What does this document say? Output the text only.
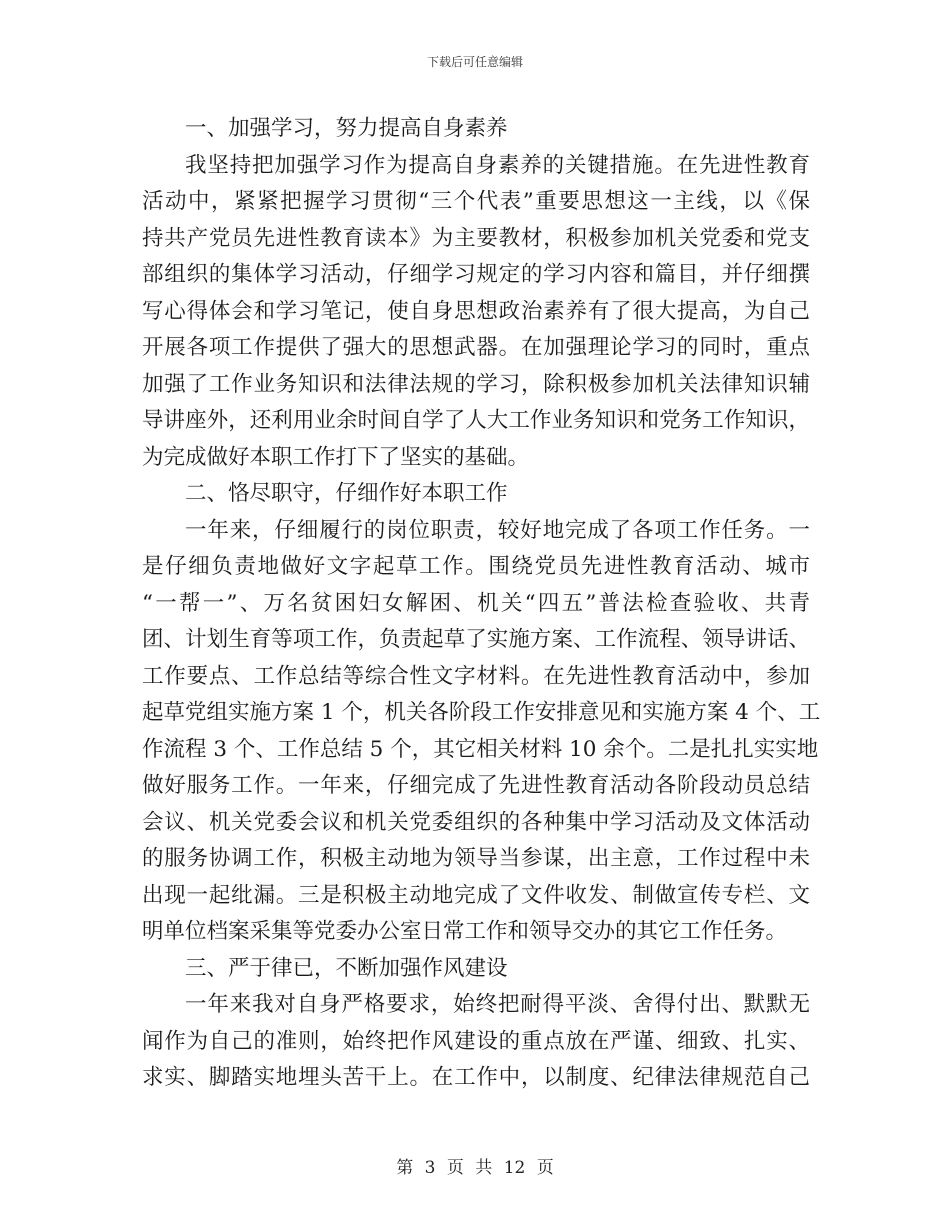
下载后可任意编辑
一、加强学习，努力提高自身素养
我坚持把加强学习作为提高自身素养的关键措施。在先进性教育
活动中，紧紧把握学习贯彻“三个代表”重要思想这一主线，以《保
持共产党员先进性教育读本》为主要教材，积极参加机关党委和党支
部组织的集体学习活动，仔细学习规定的学习内容和篇目，并仔细撰
写心得体会和学习笔记，使自身思想政治素养有了很大提高，为自己
开展各项工作提供了强大的思想武器。在加强理论学习的同时，重点
加强了工作业务知识和法律法规的学习，除积极参加机关法律知识辅
导讲座外，还利用业余时间自学了人大工作业务知识和党务工作知识，
为完成做好本职工作打下了坚实的基础。
二、恪尽职守，仔细作好本职工作
一年来，仔细履行的岗位职责，较好地完成了各项工作任务。一
是仔细负责地做好文字起草工作。围绕党员先进性教育活动、城市
“一帮一”、万名贫困妇女解困、机关“四五”普法检查验收、共青
团、计划生育等项工作，负责起草了实施方案、工作流程、领导讲话、
工作要点、工作总结等综合性文字材料。在先进性教育活动中，参加
起草党组实施方案 1 个，机关各阶段工作安排意见和实施方案 4 个、工
作流程 3 个、工作总结 5 个，其它相关材料 10 余个。二是扎扎实实地
做好服务工作。一年来，仔细完成了先进性教育活动各阶段动员总结
会议、机关党委会议和机关党委组织的各种集中学习活动及文体活动
的服务协调工作，积极主动地为领导当参谋，出主意，工作过程中未
出现一起纰漏。三是积极主动地完成了文件收发、制做宣传专栏、文
明单位档案采集等党委办公室日常工作和领导交办的其它工作任务。
三、严于律已，不断加强作风建设
一年来我对自身严格要求，始终把耐得平淡、舍得付出、默默无
闻作为自己的准则，始终把作风建设的重点放在严谨、细致、扎实、
求实、脚踏实地埋头苦干上。在工作中，以制度、纪律法律规范自己
第 3 页 共 12 页
